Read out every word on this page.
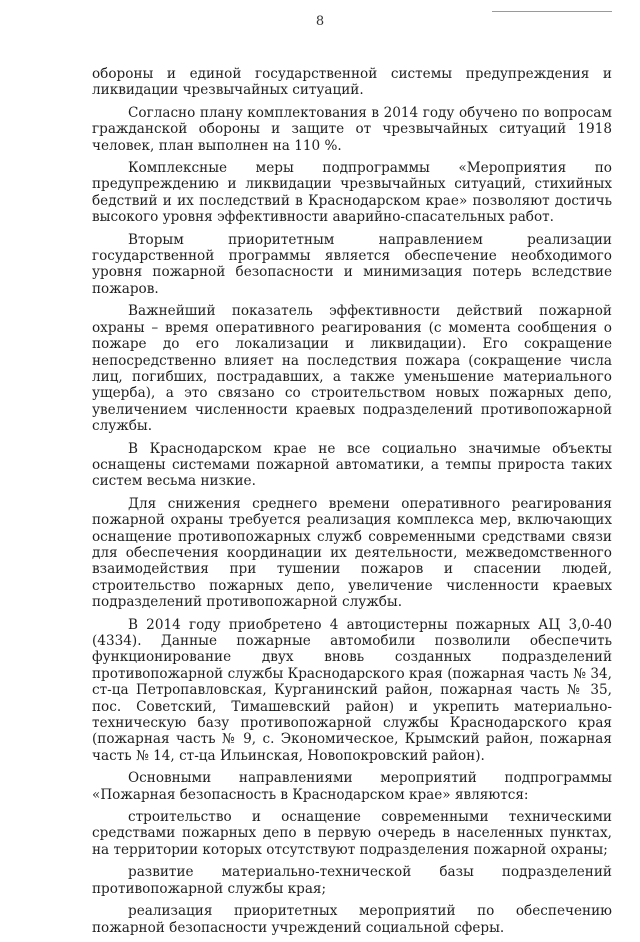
8

обороны и единой государственной системы предупреждения и ликвидации чрезвычайных ситуаций.

Согласно плану комплектования в 2014 году обучено по вопросам гражданской обороны и защите от чрезвычайных ситуаций 1918 человек, план выполнен на 110 %.

Комплексные меры подпрограммы «Мероприятия по предупреждению и ликвидации чрезвычайных ситуаций, стихийных бедствий и их последствий в Краснодарском крае» позволяют достичь высокого уровня эффективности аварийно-спасательных работ.

Вторым приоритетным направлением реализации государственной программы является обеспечение необходимого уровня пожарной безопасности и минимизация потерь вследствие пожаров.

Важнейший показатель эффективности действий пожарной охраны – время оперативного реагирования (с момента сообщения о пожаре до его локализации и ликвидации). Его сокращение непосредственно влияет на последствия пожара (сокращение числа лиц, погибших, пострадавших, а также уменьшение материального ущерба), а это связано со строительством новых пожарных депо, увеличением численности краевых подразделений противопожарной службы.

В Краснодарском крае не все социально значимые объекты оснащены системами пожарной автоматики, а темпы прироста таких систем весьма низкие.

Для снижения среднего времени оперативного реагирования пожарной охраны требуется реализация комплекса мер, включающих оснащение противопожарных служб современными средствами связи для обеспечения координации их деятельности, межведомственного взаимодействия при тушении пожаров и спасении людей, строительство пожарных депо, увеличение численности краевых подразделений противопожарной службы.

В 2014 году приобретено 4 автоцистерны пожарных АЦ 3,0-40 (4334). Данные пожарные автомобили позволили обеспечить функционирование двух вновь созданных подразделений противопожарной службы Краснодарского края (пожарная часть № 34, ст-ца Петропавловская, Курганинский район, пожарная часть № 35, пос. Советский, Тимашевский район) и укрепить материально-техническую базу противопожарной службы Краснодарского края (пожарная часть № 9, с. Экономическое, Крымский район, пожарная часть № 14, ст-ца Ильинская, Новопокровский район).

Основными направлениями мероприятий подпрограммы «Пожарная безопасность в Краснодарском крае» являются:

строительство и оснащение современными техническими средствами пожарных депо в первую очередь в населенных пунктах, на территории которых отсутствуют подразделения пожарной охраны;

развитие материально-технической базы подразделений противопожарной службы края;

реализация приоритетных мероприятий по обеспечению пожарной безопасности учреждений социальной сферы.
